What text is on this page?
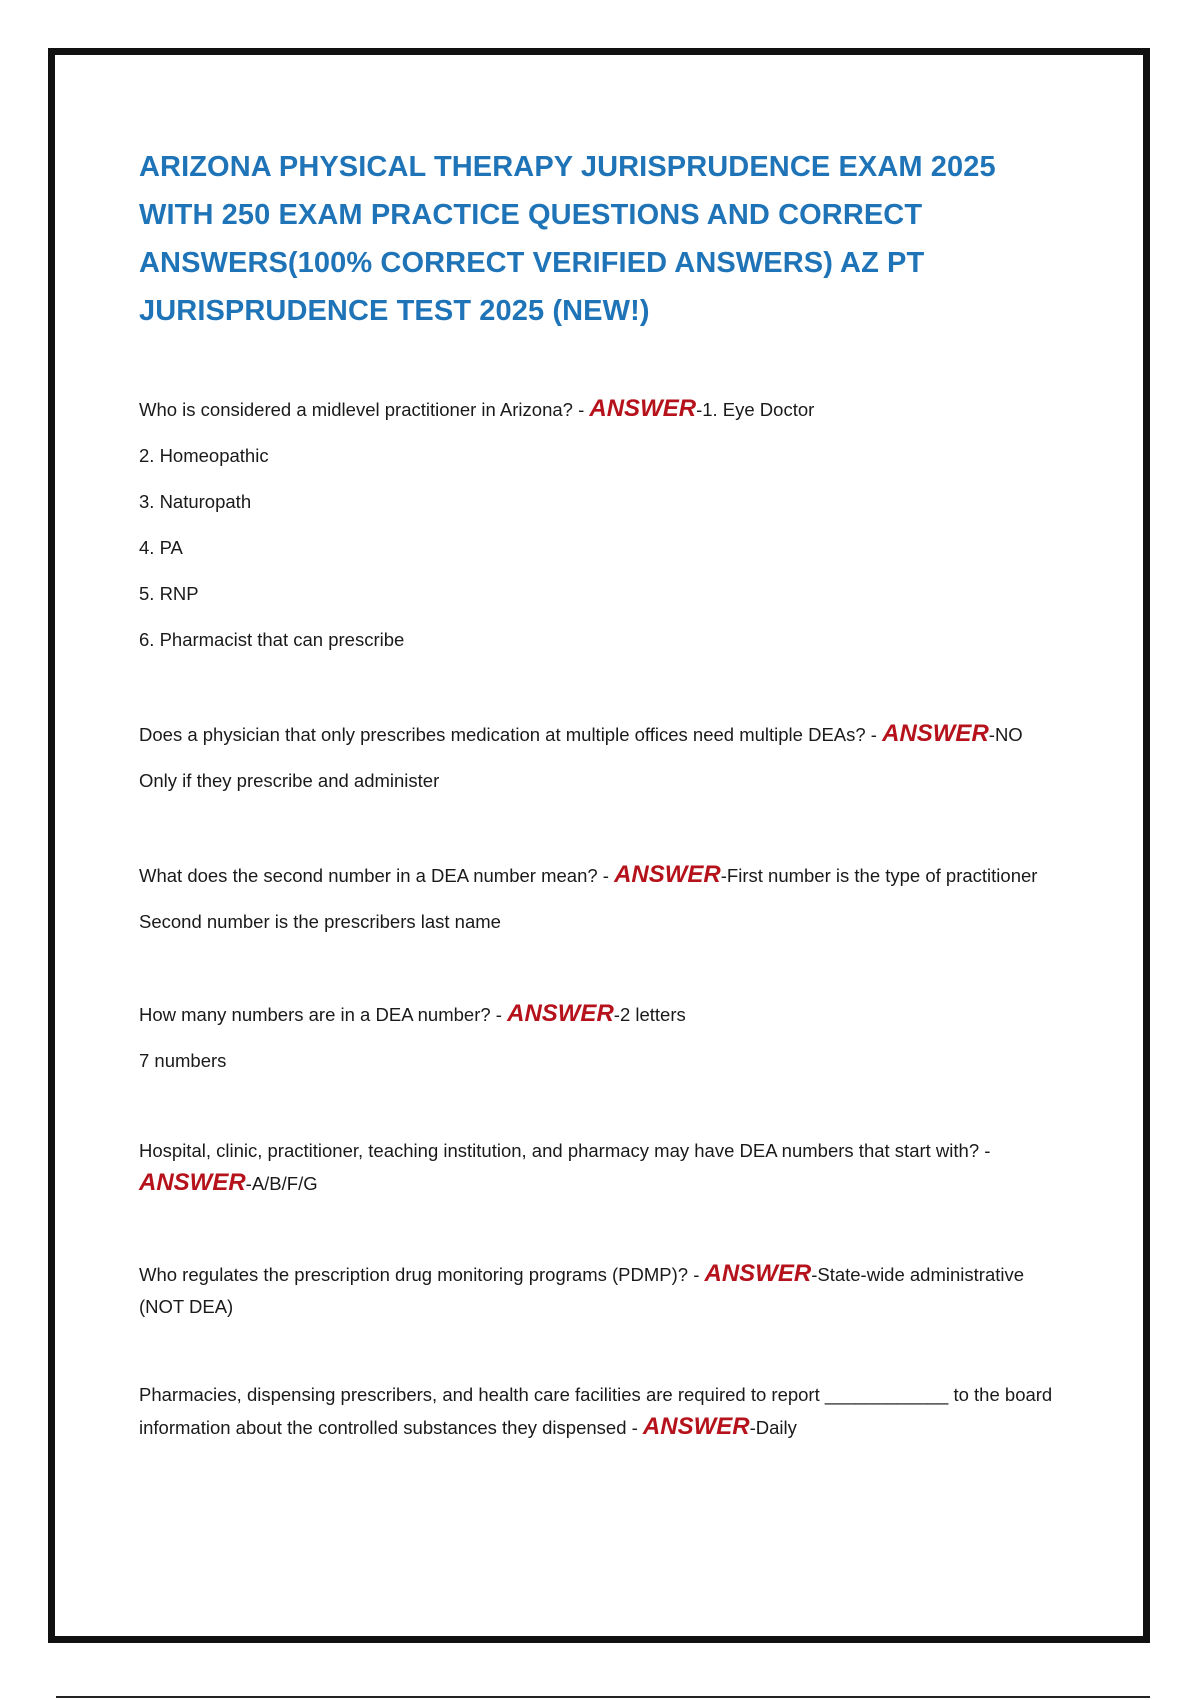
ARIZONA PHYSICAL THERAPY JURISPRUDENCE EXAM 2025 WITH 250 EXAM PRACTICE QUESTIONS AND CORRECT ANSWERS(100% CORRECT VERIFIED ANSWERS) AZ PT JURISPRUDENCE TEST 2025 (NEW!)

Who is considered a midlevel practitioner in Arizona? - ANSWER-1. Eye Doctor

2. Homeopathic

3. Naturopath

4. PA

5. RNP

6. Pharmacist that can prescribe

Does a physician that only prescribes medication at multiple offices need multiple DEAs? - ANSWER-NO

Only if they prescribe and administer

What does the second number in a DEA number mean? - ANSWER-First number is the type of practitioner

Second number is the prescribers last name

How many numbers are in a DEA number? - ANSWER-2 letters

7 numbers

Hospital, clinic, practitioner, teaching institution, and pharmacy may have DEA numbers that start with? - ANSWER-A/B/F/G

Who regulates the prescription drug monitoring programs (PDMP)? - ANSWER-State-wide administrative (NOT DEA)

Pharmacies, dispensing prescribers, and health care facilities are required to report ____________ to the board information about the controlled substances they dispensed - ANSWER-Daily
